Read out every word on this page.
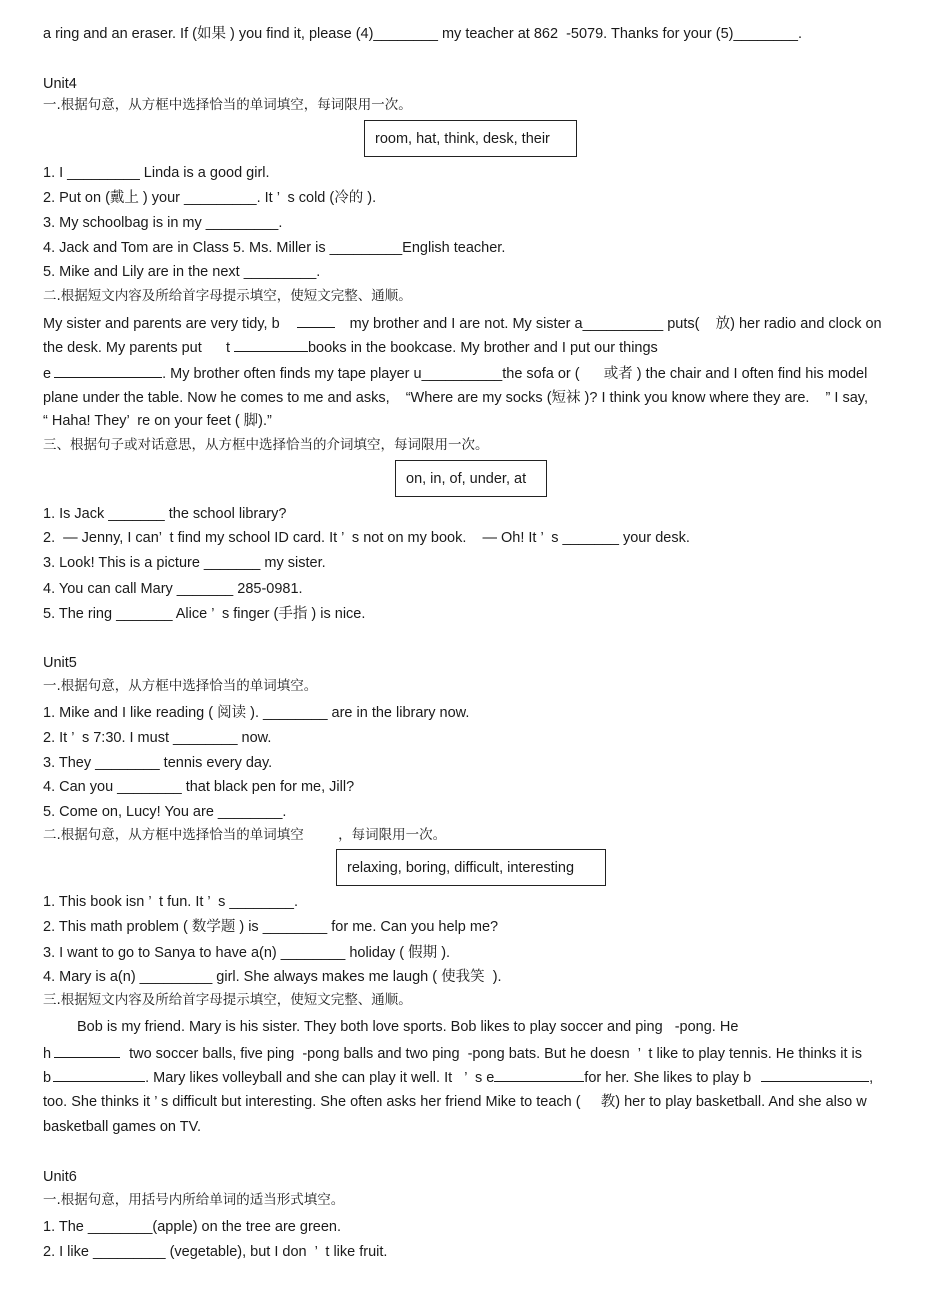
a ring and an eraser. If (如果 ) you find it, please (4)________ my teacher at 862  -5079. Thanks for your (5)________.
Unit4
一.根据句意，从方框中选择恰当的单词填空，每词限用一次。
room, hat, think, desk, their
1. I _________ Linda is a good girl.
2. Put on (戴上 ) your _________. It ’  s cold (冷的 ).
3. My schoolbag is in my _________.
4. Jack and Tom are in Class 5. Ms. Miller is _________English teacher.
5. Mike and Lily are in the next _________.
二.根据短文内容及所给首字母提示填空，使短文完整、通顺。
My sister and parents are very tidy, b	my brother and I are not. My sister a__________ puts(    放) her radio and clock on
the desk. My parents put      t	books in the bookcase. My brother and I put our things
e	. My brother often finds my tape player u__________the sofa or (      或者 ) the chair and I often find his model
plane under the table. Now he comes to me and asks,    “Where are my socks (短袜 )? I think you know where they are.    ” I say,
“ Haha! They’  re on your feet ( 脚).”
三、根据句子或对话意思，从方框中选择恰当的介词填空，每词限用一次。
on, in, of, under, at
1. Is Jack _______ the school library?
2.  — Jenny, I can’  t find my school ID card. It ’  s not on my book.    — Oh! It ’  s _______ your desk.
3. Look! This is a picture _______ my sister.
4. You can call Mary _______ 285-0981.
5. The ring _______ Alice ’  s finger (手指 ) is nice.
Unit5
一.根据句意，从方框中选择恰当的单词填空。
1. Mike and I like reading ( 阅读 ). ________ are in the library now.
2. It ’  s 7:30. I must ________ now.
3. They ________ tennis every day.
4. Can you ________ that black pen for me, Jill?
5. Come on, Lucy! You are ________.
二.根据句意，从方框中选择恰当的单词填空        ，每词限用一次。
relaxing, boring, difficult, interesting
1. This book isn ’  t fun. It ’  s ________.
2. This math problem ( 数学题 ) is ________ for me. Can you help me?
3. I want to go to Sanya to have a(n) ________ holiday ( 假期 ).
4. Mary is a(n) _________ girl. She always makes me laugh ( 使我笑  ).
三.根据短文内容及所给首字母提示填空，使短文完整、通顺。
Bob is my friend. Mary is his sister. They both love sports. Bob likes to play soccer and ping   -pong. He
h	two soccer balls, five ping  -pong balls and two ping  -pong bats. But he doesn  ’  t like to play tennis. He thinks it is
b	. Mary likes volleyball and she can play it well. It   ’  s e	for her. She likes to play b	,
too. She thinks it ’ s difficult but interesting. She often asks her friend Mike to teach (     教) her to play basketball. And she also w
basketball games on TV.
Unit6
一.根据句意，用括号内所给单词的适当形式填空。
1. The ________(apple) on the tree are green.
2. I like _________ (vegetable), but I don  ’  t like fruit.
